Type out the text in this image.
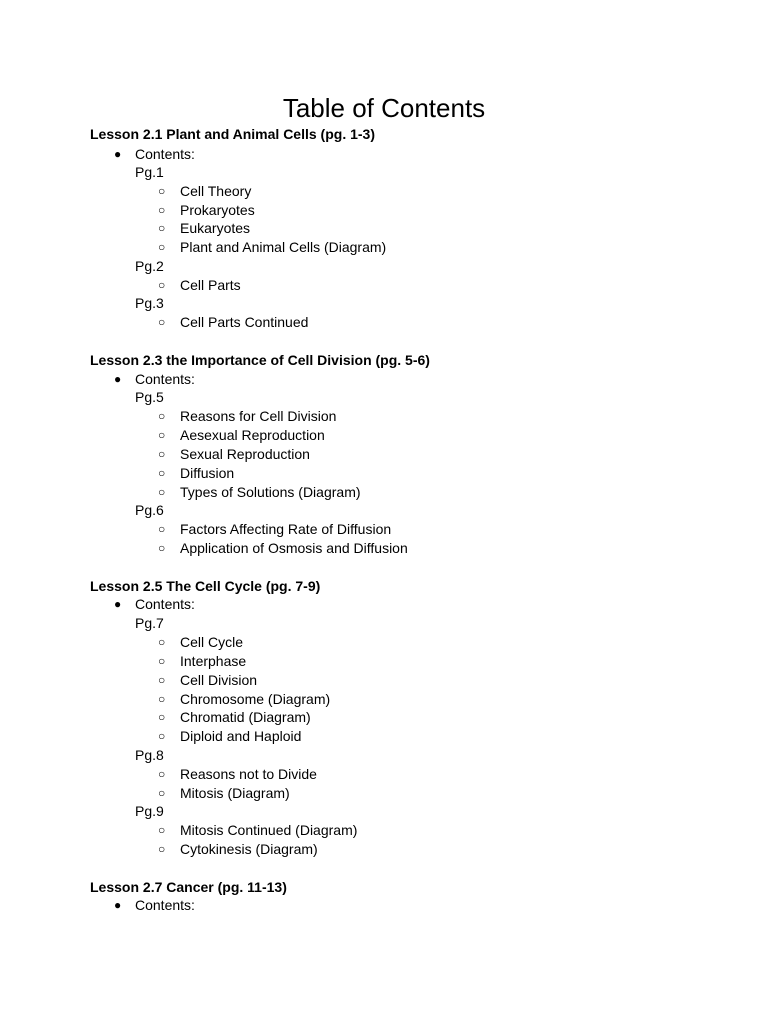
Table of Contents
Lesson 2.1 Plant and Animal Cells (pg. 1-3)
● Contents:
Pg.1
○ Cell Theory
○ Prokaryotes
○ Eukaryotes
○ Plant and Animal Cells (Diagram)
Pg.2
○ Cell Parts
Pg.3
○ Cell Parts Continued
Lesson 2.3 the Importance of Cell Division (pg. 5-6)
● Contents:
Pg.5
○ Reasons for Cell Division
○ Aesexual Reproduction
○ Sexual Reproduction
○ Diffusion
○ Types of Solutions (Diagram)
Pg.6
○ Factors Affecting Rate of Diffusion
○ Application of Osmosis and Diffusion
Lesson 2.5 The Cell Cycle (pg. 7-9)
● Contents:
Pg.7
○ Cell Cycle
○ Interphase
○ Cell Division
○ Chromosome (Diagram)
○ Chromatid (Diagram)
○ Diploid and Haploid
Pg.8
○ Reasons not to Divide
○ Mitosis (Diagram)
Pg.9
○ Mitosis Continued (Diagram)
○ Cytokinesis (Diagram)
Lesson 2.7 Cancer (pg. 11-13)
● Contents:
